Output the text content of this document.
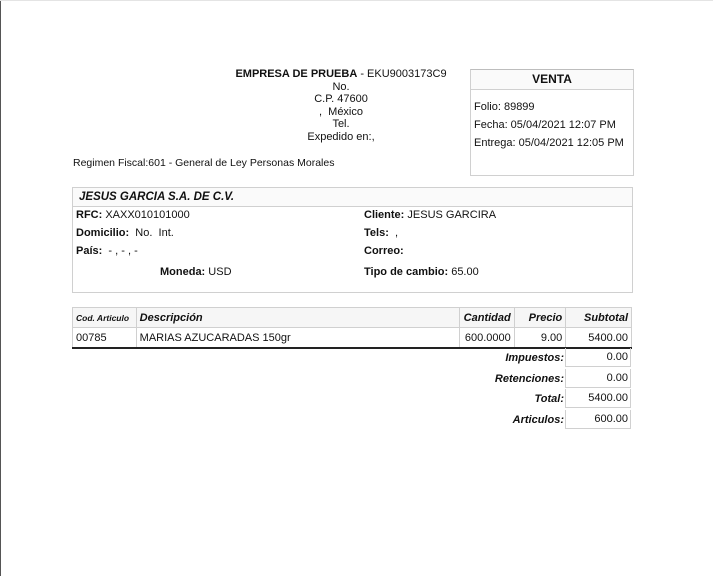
EMPRESA DE PRUEBA - EKU9003173C9
No.
C.P. 47600
,  México
Tel.
Expedido en:,
VENTA
Folio: 89899
Fecha: 05/04/2021 12:07 PM
Entrega: 05/04/2021 12:05 PM
Regimen Fiscal:601 - General de Ley Personas Morales
JESUS GARCIA S.A. DE C.V.
RFC: XAXX010101000
Domicilio:  No.  Int.
País:  - , - , -
Moneda: USD
Cliente: JESUS GARCIRA
Tels:  ,
Correo:
Tipo de cambio: 65.00
Cod. Articulo	Descripción	Cantidad	Precio	Subtotal
00785	MARIAS AZUCARADAS 150gr	600.0000	9.00	5400.00
Impuestos:	0.00
Retenciones:	0.00
Total:	5400.00
Articulos:	600.00
